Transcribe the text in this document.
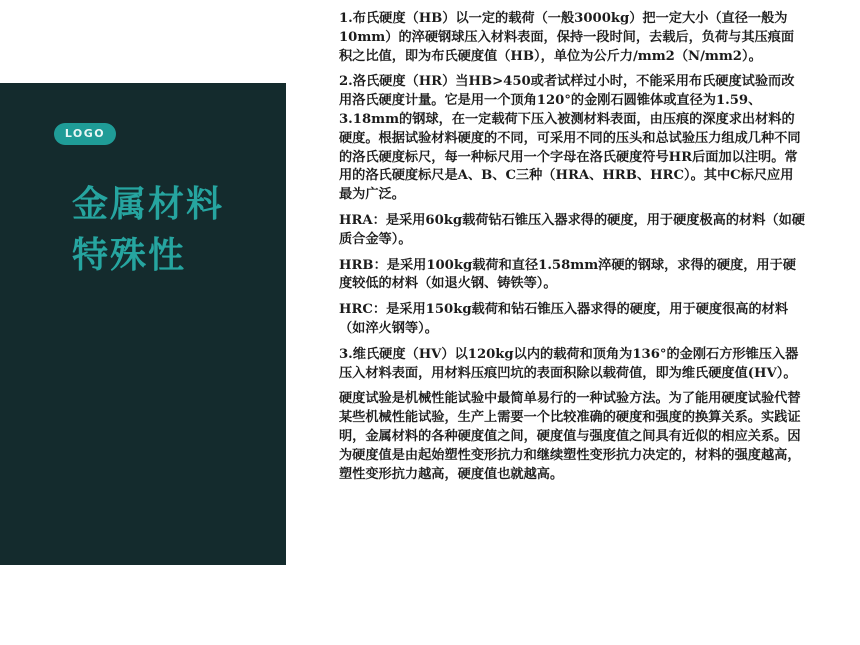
LOGO
金属材料
特殊性

1.布氏硬度（HB）以一定的载荷（一般3000kg）把一定大小（直径一般为10mm）的淬硬钢球压入材料表面，保持一段时间，去载后，负荷与其压痕面积之比值，即为布氏硬度值（HB），单位为公斤力/mm2（N/mm2）。

2.洛氏硬度（HR）当HB>450或者试样过小时，不能采用布氏硬度试验而改用洛氏硬度计量。它是用一个顶角120°的金刚石圆锥体或直径为1.59、3.18mm的钢球，在一定载荷下压入被测材料表面，由压痕的深度求出材料的硬度。根据试验材料硬度的不同，可采用不同的压头和总试验压力组成几种不同的洛氏硬度标尺，每一种标尺用一个字母在洛氏硬度符号HR后面加以注明。常用的洛氏硬度标尺是A、B、C三种（HRA、HRB、HRC）。其中C标尺应用最为广泛。

HRA：是采用60kg载荷钻石锥压入器求得的硬度，用于硬度极高的材料（如硬质合金等）。

HRB：是采用100kg载荷和直径1.58mm淬硬的钢球，求得的硬度，用于硬度较低的材料（如退火钢、铸铁等）。

HRC：是采用150kg载荷和钻石锥压入器求得的硬度，用于硬度很高的材料（如淬火钢等）。

3.维氏硬度（HV）以120kg以内的载荷和顶角为136°的金刚石方形锥压入器压入材料表面，用材料压痕凹坑的表面积除以载荷值，即为维氏硬度值(HV）。

硬度试验是机械性能试验中最简单易行的一种试验方法。为了能用硬度试验代替某些机械性能试验，生产上需要一个比较准确的硬度和强度的换算关系。实践证明，金属材料的各种硬度值之间，硬度值与强度值之间具有近似的相应关系。因为硬度值是由起始塑性变形抗力和继续塑性变形抗力决定的，材料的强度越高，塑性变形抗力越高，硬度值也就越高。
